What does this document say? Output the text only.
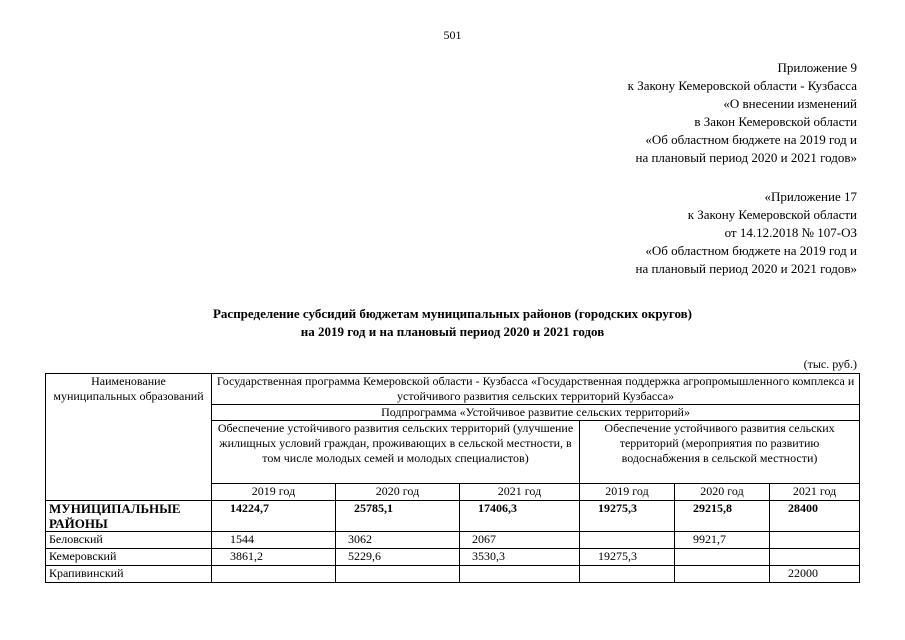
501
Приложение 9
к Закону Кемеровской области - Кузбасса
«О внесении изменений
в Закон Кемеровской области
«Об областном бюджете на 2019 год и
на плановый период 2020 и 2021 годов»
«Приложение 17
к Закону Кемеровской области
от 14.12.2018 № 107-ОЗ
«Об областном бюджете на 2019 год и
на плановый период 2020 и 2021 годов»
Распределение субсидий бюджетам муниципальных районов (городских округов)
на 2019 год и на плановый период 2020 и 2021 годов
(тыс. руб.)
Наименование муниципальных образований	Государственная программа Кемеровской области - Кузбасса «Государственная поддержка агропромышленного комплекса и устойчивого развития сельских территорий Кузбасса»					
	Подпрограмма «Устойчивое развитие сельских территорий»					
	Обеспечение устойчивого развития сельских территорий (улучшение жилищных условий граждан, проживающих в сельской местности, в том числе молодых семей и молодых специалистов)			Обеспечение устойчивого развития сельских территорий (мероприятия по развитию водоснабжения в сельской местности)		
	2019 год	2020 год	2021 год	2019 год	2020 год	2021 год
МУНИЦИПАЛЬНЫЕ РАЙОНЫ	14224,7	25785,1	17406,3	19275,3	29215,8	28400
Беловский	1544	3062	2067		9921,7	
Кемеровский	3861,2	5229,6	3530,3	19275,3		
Крапивинский						22000
